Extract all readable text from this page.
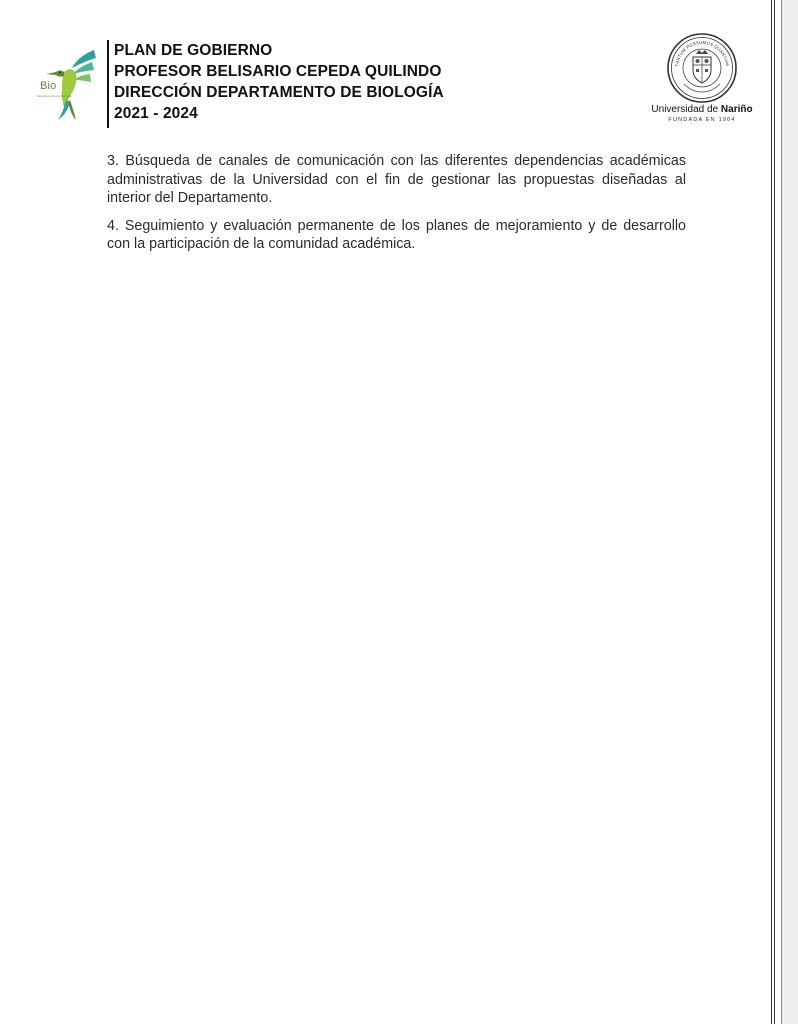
Bio
Departamento de Biología
PLAN DE GOBIERNO
PROFESOR BELISARIO CEPEDA QUILINDO
DIRECCIÓN DEPARTAMENTO DE BIOLOGÍA
2021 - 2024
TANTUM POSSUMUS QUANTUM
Universidad de Nariño
FUNDADA EN 1904

3. Búsqueda de canales de comunicación con las diferentes dependencias académicas administrativas de la Universidad con el fin de gestionar las propuestas diseñadas al interior del Departamento.

4. Seguimiento y evaluación permanente de los planes de mejoramiento y de desarrollo con la participación de la comunidad académica.
